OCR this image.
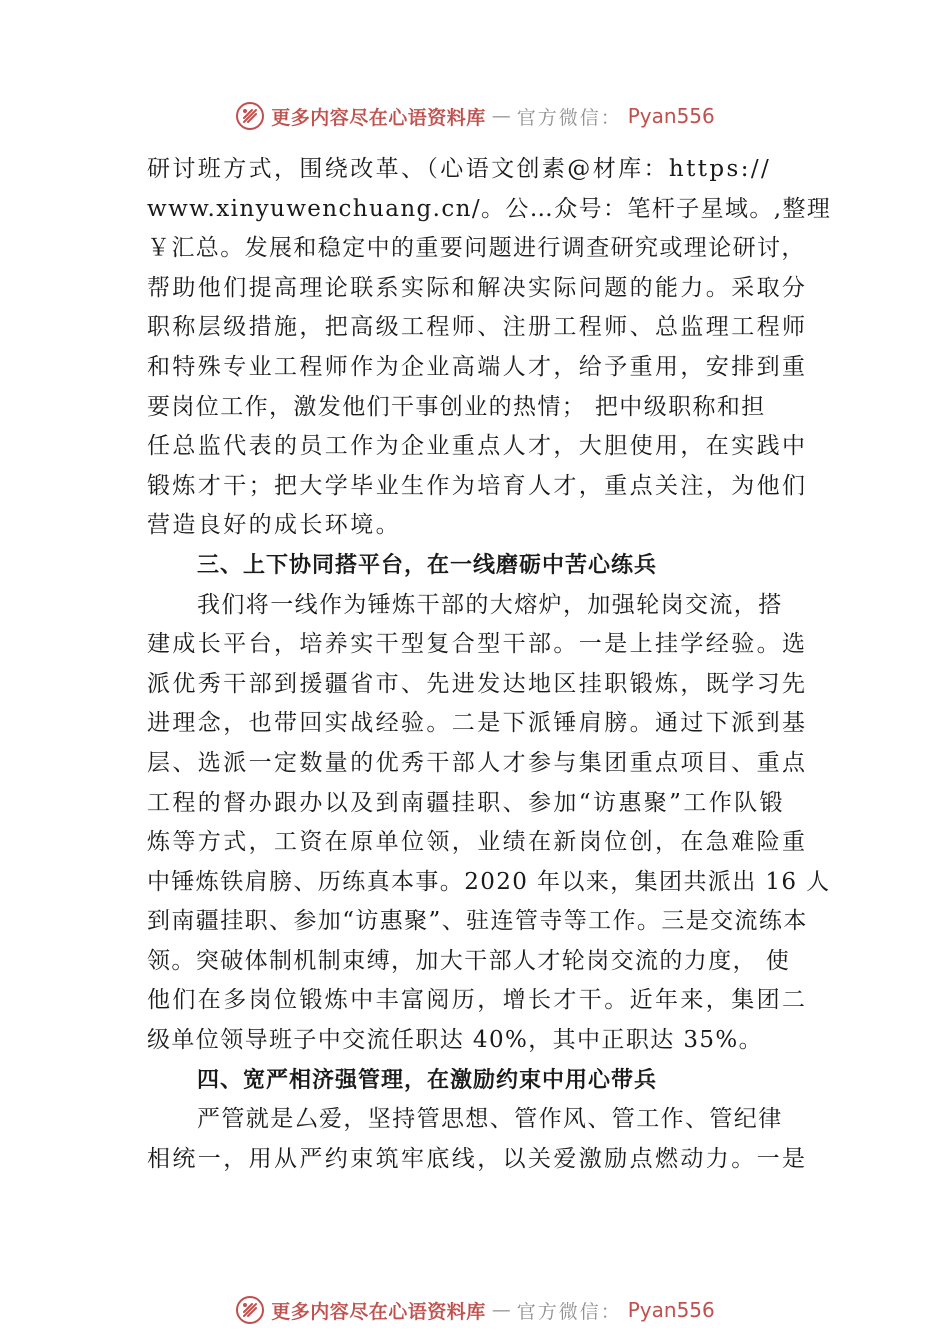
更多内容尽在心语资料库 — 官方微信： Pyan556
研讨班方式，围绕改革、（心语文创素@材库：https://
www.xinyuwenchuang.cn/。公…众号：笔杆子星域。,整理
￥汇总。发展和稳定中的重要问题进行调查研究或理论研讨，
帮助他们提高理论联系实际和解决实际问题的能力。采取分
职称层级措施，把高级工程师、注册工程师、总监理工程师
和特殊专业工程师作为企业高端人才，给予重用，安排到重
要岗位工作，激发他们干事创业的热情； 把中级职称和担
任总监代表的员工作为企业重点人才，大胆使用，在实践中
锻炼才干；把大学毕业生作为培育人才，重点关注，为他们
营造良好的成长环境。
三、上下协同搭平台，在一线磨砺中苦心练兵
我们将一线作为锤炼干部的大熔炉，加强轮岗交流，搭
建成长平台，培养实干型复合型干部。一是上挂学经验。选
派优秀干部到援疆省市、先进发达地区挂职锻炼，既学习先
进理念，也带回实战经验。二是下派锤肩膀。通过下派到基
层、选派一定数量的优秀干部人才参与集团重点项目、重点
工程的督办跟办以及到南疆挂职、参加“访惠聚”工作队锻
炼等方式，工资在原单位领，业绩在新岗位创，在急难险重
中锤炼铁肩膀、历练真本事。2020 年以来，集团共派出 16 人
到南疆挂职、参加“访惠聚”、驻连管寺等工作。三是交流练本
领。突破体制机制束缚，加大干部人才轮岗交流的力度， 使
他们在多岗位锻炼中丰富阅历，增长才干。近年来，集团二
级单位领导班子中交流任职达 40%，其中正职达 35%。
四、宽严相济强管理，在激励约束中用心带兵
严管就是厶爱，坚持管思想、管作风、管工作、管纪律
相统一，用从严约束筑牢底线，以关爱激励点燃动力。一是
更多内容尽在心语资料库 — 官方微信： Pyan556
